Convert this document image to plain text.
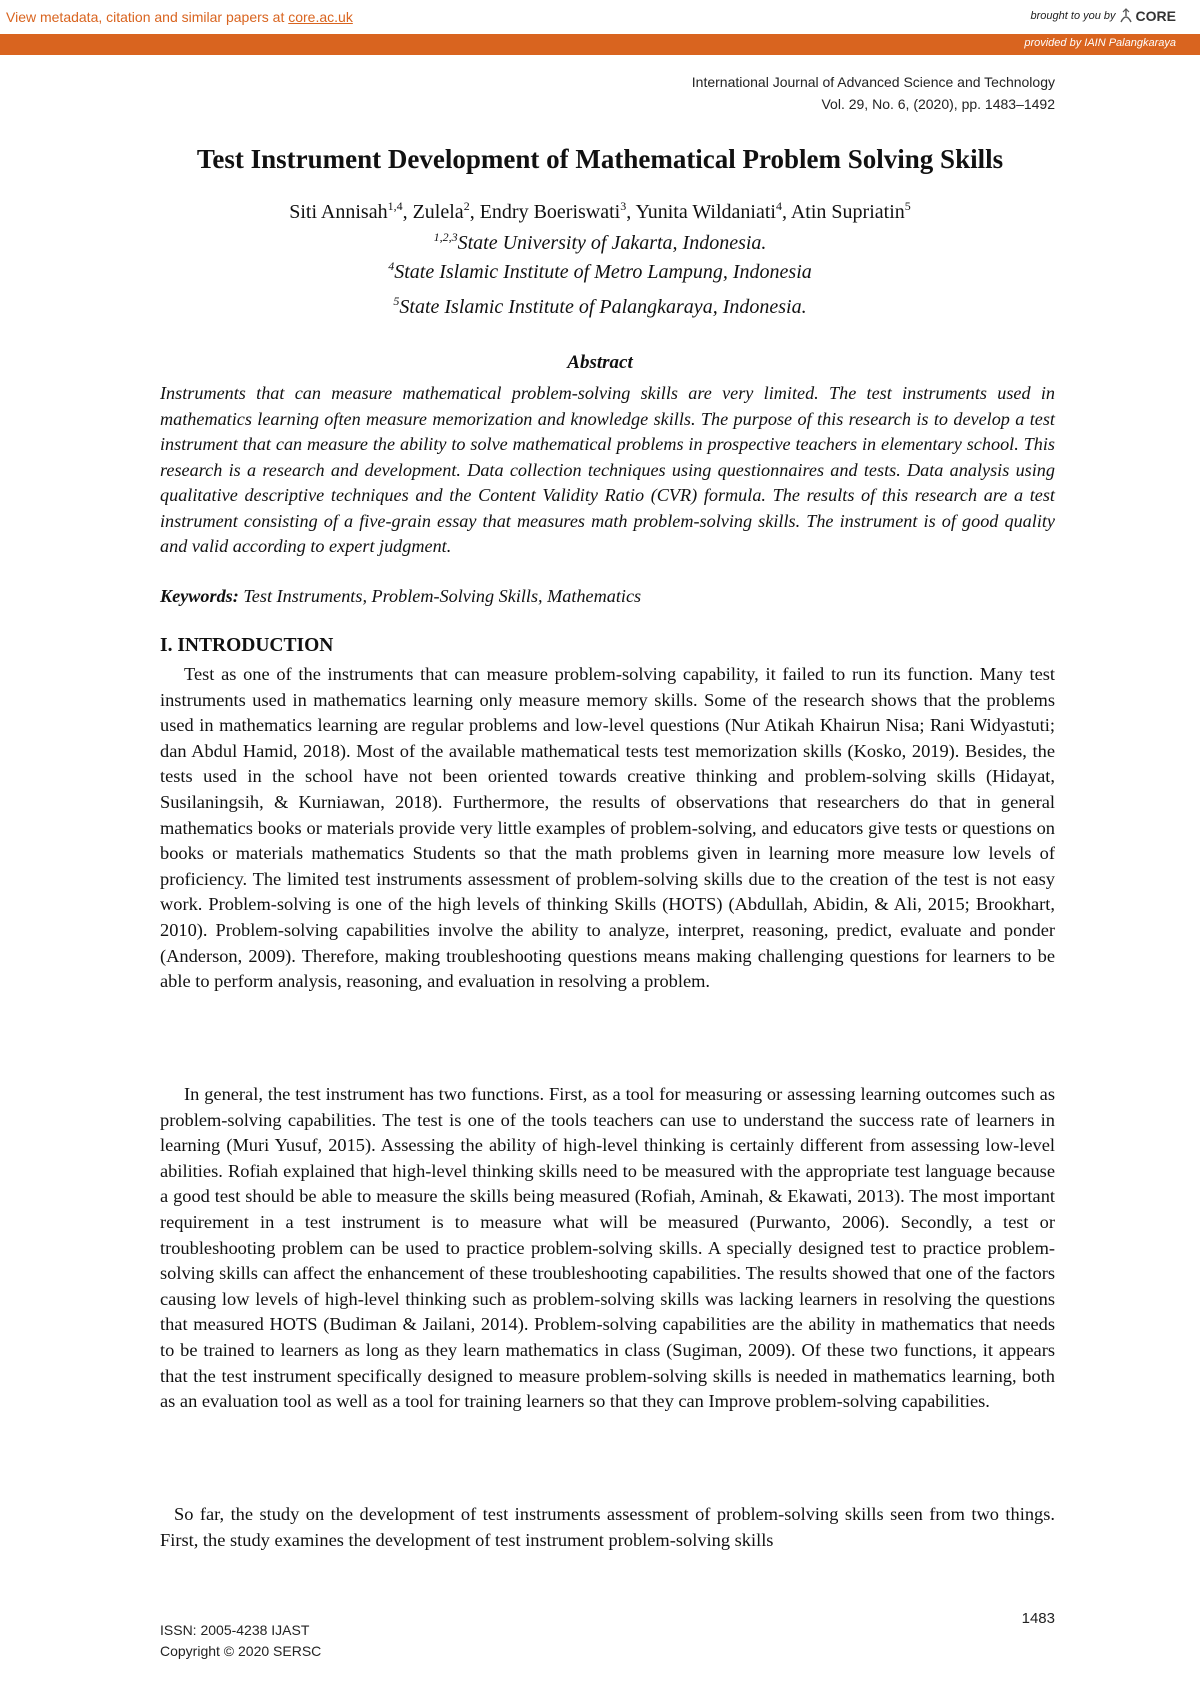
View metadata, citation and similar papers at core.ac.uk	brought to you by CORE
provided by IAIN Palangkaraya
International Journal of Advanced Science and Technology
Vol. 29, No. 6, (2020), pp. 1483–1492
Test Instrument Development of Mathematical Problem Solving Skills
Siti Annisah$^{1,4}$, Zulela$^2$, Endry Boeriswati$^3$, Yunita Wildaniati$^4$, Atin Supriatin$^5$
$^{1,2,3}$State University of Jakarta, Indonesia.
$^4$State Islamic Institute of Metro Lampung, Indonesia
$^5$State Islamic Institute of Palangkaraya, Indonesia.
Abstract
Instruments that can measure mathematical problem-solving skills are very limited. The test instruments used in mathematics learning often measure memorization and knowledge skills. The purpose of this research is to develop a test instrument that can measure the ability to solve mathematical problems in prospective teachers in elementary school. This research is a research and development. Data collection techniques using questionnaires and tests. Data analysis using qualitative descriptive techniques and the Content Validity Ratio (CVR) formula. The results of this research are a test instrument consisting of a five-grain essay that measures math problem-solving skills. The instrument is of good quality and valid according to expert judgment.
Keywords: Test Instruments, Problem-Solving Skills, Mathematics
I. INTRODUCTION
Test as one of the instruments that can measure problem-solving capability, it failed to run its function. Many test instruments used in mathematics learning only measure memory skills. Some of the research shows that the problems used in mathematics learning are regular problems and low-level questions (Nur Atikah Khairun Nisa; Rani Widyastuti; dan Abdul Hamid, 2018). Most of the available mathematical tests test memorization skills (Kosko, 2019). Besides, the tests used in the school have not been oriented towards creative thinking and problem-solving skills (Hidayat, Susilaningsih, & Kurniawan, 2018). Furthermore, the results of observations that researchers do that in general mathematics books or materials provide very little examples of problem-solving, and educators give tests or questions on books or materials mathematics Students so that the math problems given in learning more measure low levels of proficiency. The limited test instruments assessment of problem-solving skills due to the creation of the test is not easy work. Problem-solving is one of the high levels of thinking Skills (HOTS) (Abdullah, Abidin, & Ali, 2015; Brookhart, 2010). Problem-solving capabilities involve the ability to analyze, interpret, reasoning, predict, evaluate and ponder (Anderson, 2009). Therefore, making troubleshooting questions means making challenging questions for learners to be able to perform analysis, reasoning, and evaluation in resolving a problem.
In general, the test instrument has two functions. First, as a tool for measuring or assessing learning outcomes such as problem-solving capabilities. The test is one of the tools teachers can use to understand the success rate of learners in learning (Muri Yusuf, 2015). Assessing the ability of high-level thinking is certainly different from assessing low-level abilities. Rofiah explained that high-level thinking skills need to be measured with the appropriate test language because a good test should be able to measure the skills being measured (Rofiah, Aminah, & Ekawati, 2013). The most important requirement in a test instrument is to measure what will be measured (Purwanto, 2006). Secondly, a test or troubleshooting problem can be used to practice problem-solving skills. A specially designed test to practice problem-solving skills can affect the enhancement of these troubleshooting capabilities. The results showed that one of the factors causing low levels of high-level thinking such as problem-solving skills was lacking learners in resolving the questions that measured HOTS (Budiman & Jailani, 2014). Problem-solving capabilities are the ability in mathematics that needs to be trained to learners as long as they learn mathematics in class (Sugiman, 2009). Of these two functions, it appears that the test instrument specifically designed to measure problem-solving skills is needed in mathematics learning, both as an evaluation tool as well as a tool for training learners so that they can Improve problem-solving capabilities.
So far, the study on the development of test instruments assessment of problem-solving skills seen from two things. First, the study examines the development of test instrument problem-solving skills
ISSN: 2005-4238 IJAST
Copyright © 2020 SERSC
1483
